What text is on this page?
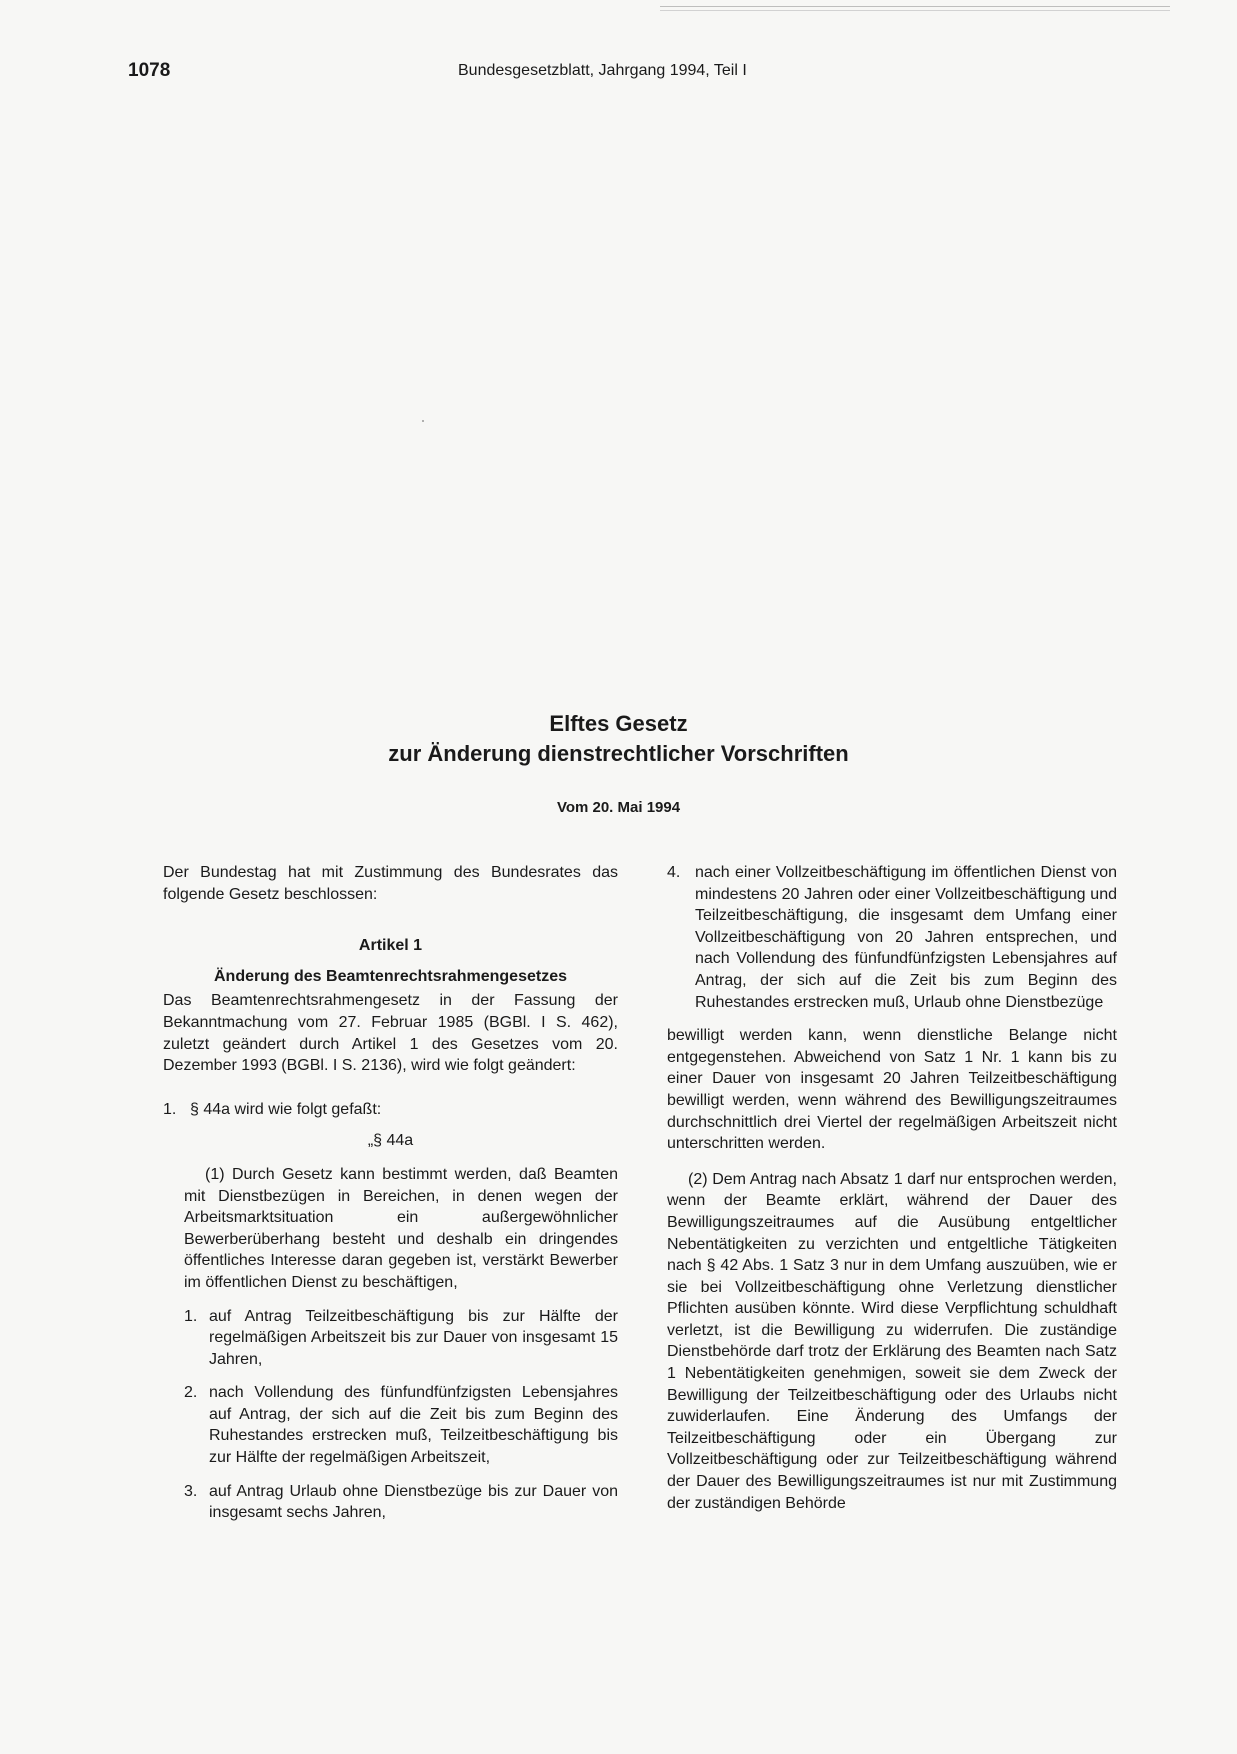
1078	Bundesgesetzblatt, Jahrgang 1994, Teil I

Elftes Gesetz

zur Änderung dienstrechtlicher Vorschriften

Vom 20. Mai 1994

Der Bundestag hat mit Zustimmung des Bundesrates das folgende Gesetz beschlossen:

Artikel 1

Änderung des Beamtenrechtsrahmengesetzes

Das Beamtenrechtsrahmengesetz in der Fassung der Bekanntmachung vom 27. Februar 1985 (BGBl. I S. 462), zuletzt geändert durch Artikel 1 des Gesetzes vom 20. Dezember 1993 (BGBl. I S. 2136), wird wie folgt geändert:

1. § 44a wird wie folgt gefaßt:

„§ 44a

(1) Durch Gesetz kann bestimmt werden, daß Beamten mit Dienstbezügen in Bereichen, in denen wegen der Arbeitsmarktsituation ein außergewöhnlicher Bewerberüberhang besteht und deshalb ein dringendes öffentliches Interesse daran gegeben ist, verstärkt Bewerber im öffentlichen Dienst zu beschäftigen,

1. auf Antrag Teilzeitbeschäftigung bis zur Hälfte der regelmäßigen Arbeitszeit bis zur Dauer von insgesamt 15 Jahren,
2. nach Vollendung des fünfundfünfzigsten Lebensjahres auf Antrag, der sich auf die Zeit bis zum Beginn des Ruhestandes erstrecken muß, Teilzeitbeschäftigung bis zur Hälfte der regelmäßigen Arbeitszeit,
3. auf Antrag Urlaub ohne Dienstbezüge bis zur Dauer von insgesamt sechs Jahren,
4. nach einer Vollzeitbeschäftigung im öffentlichen Dienst von mindestens 20 Jahren oder einer Vollzeitbeschäftigung und Teilzeitbeschäftigung, die insgesamt dem Umfang einer Vollzeitbeschäftigung von 20 Jahren entsprechen, und nach Vollendung des fünfundfünfzigsten Lebensjahres auf Antrag, der sich auf die Zeit bis zum Beginn des Ruhestandes erstrecken muß, Urlaub ohne Dienstbezüge

bewilligt werden kann, wenn dienstliche Belange nicht entgegenstehen. Abweichend von Satz 1 Nr. 1 kann bis zu einer Dauer von insgesamt 20 Jahren Teilzeitbeschäftigung bewilligt werden, wenn während des Bewilligungszeitraumes durchschnittlich drei Viertel der regelmäßigen Arbeitszeit nicht unterschritten werden.

(2) Dem Antrag nach Absatz 1 darf nur entsprochen werden, wenn der Beamte erklärt, während der Dauer des Bewilligungszeitraumes auf die Ausübung entgeltlicher Nebentätigkeiten zu verzichten und entgeltliche Tätigkeiten nach § 42 Abs. 1 Satz 3 nur in dem Umfang auszuüben, wie er sie bei Vollzeitbeschäftigung ohne Verletzung dienstlicher Pflichten ausüben könnte. Wird diese Verpflichtung schuldhaft verletzt, ist die Bewilligung zu widerrufen. Die zuständige Dienstbehörde darf trotz der Erklärung des Beamten nach Satz 1 Nebentätigkeiten genehmigen, soweit sie dem Zweck der Bewilligung der Teilzeitbeschäftigung oder des Urlaubs nicht zuwiderlaufen. Eine Änderung des Umfangs der Teilzeitbeschäftigung oder ein Übergang zur Vollzeitbeschäftigung oder zur Teilzeitbeschäftigung während der Dauer des Bewilligungszeitraumes ist nur mit Zustimmung der zuständigen Behörde
